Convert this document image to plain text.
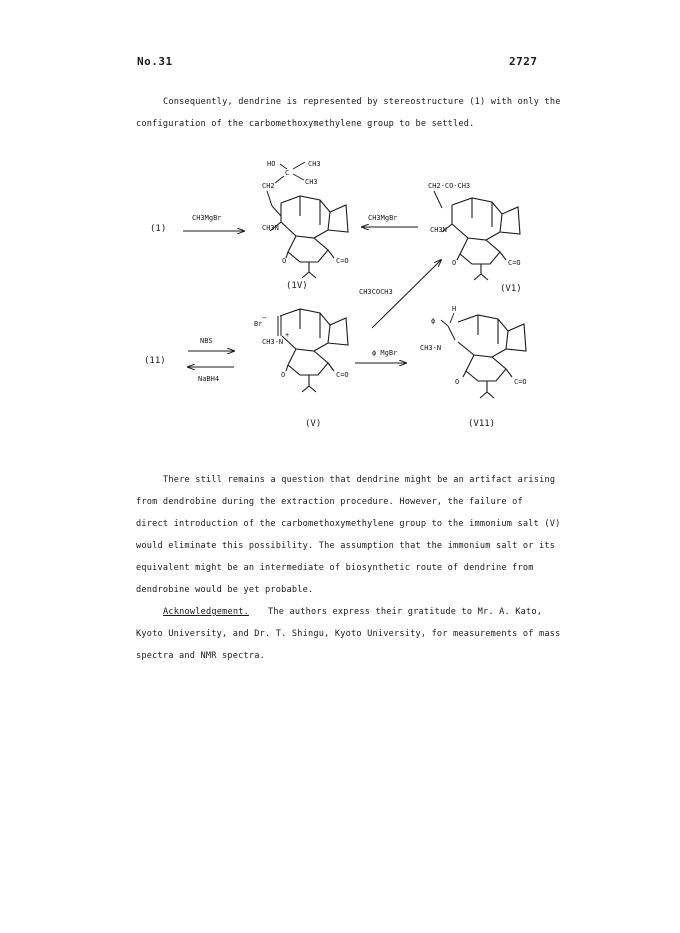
No.31	2727
Consequently, dendrine is represented by stereostructure (1) with only the
configuration of the carbomethoxymethylene group to be settled.
HO
C
CH3
CH3
CH2
CH3N
O	C=O
(1V)
CH2-CO-CH3
CH3N
O	C=O
(V1)
Br
−
+
CH3-N
O	C=O
(V)
H
ϕ
CH3-N
O	C=O
(V11)
(1)
CH3MgBr	CH3MgBr
CH3COCH3
(11)
NBS
NaBH4
ϕ MgBr
There still remains a question that dendrine might be an artifact arising
from dendrobine during the extraction procedure. However, the failure of
direct introduction of the carbomethoxymethylene group to the immonium salt (V)
would eliminate this possibility. The assumption that the immonium salt or its
equivalent might be an intermediate of biosynthetic route of dendrine from
dendrobine would be yet probable.
Acknowledgement. The authors express their gratitude to Mr. A. Kato,
Kyoto University, and Dr. T. Shingu, Kyoto University, for measurements of mass
spectra and NMR spectra.
